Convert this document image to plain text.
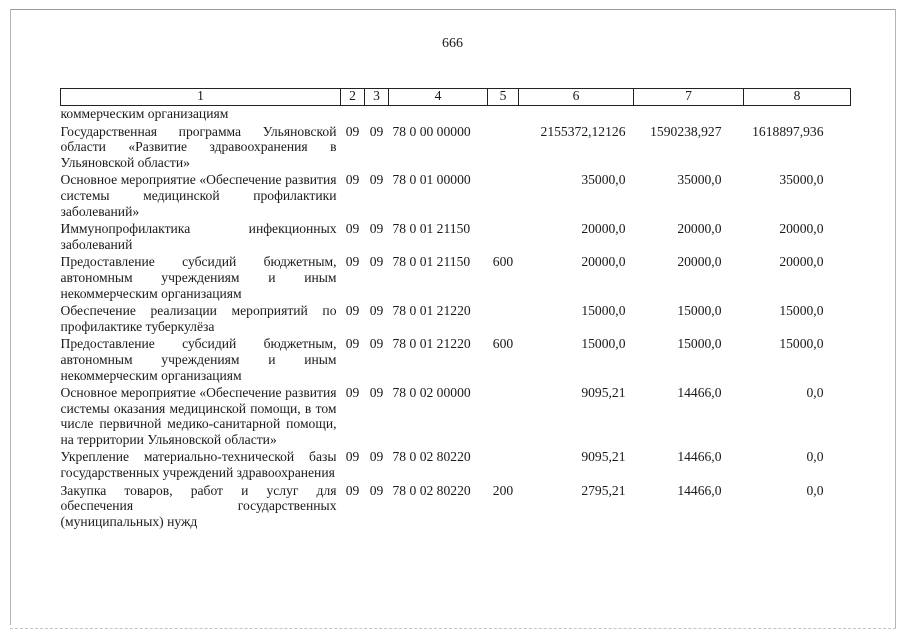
666
1	2	3	4	5	6	7	8
коммерческим организациям							
Государственная программа Ульяновской области «Развитие здравоохранения в Ульяновской области»	09	09	78 0 00 00000		2155372,12126	1590238,927	1618897,936
Основное мероприятие «Обеспечение развития системы медицинской профилактики заболеваний»	09	09	78 0 01 00000		35000,0	35000,0	35000,0
Иммунопрофилактика инфекционных заболеваний	09	09	78 0 01 21150		20000,0	20000,0	20000,0
Предоставление субсидий бюджетным, автономным учреждениям и иным некоммерческим организациям	09	09	78 0 01 21150	600	20000,0	20000,0	20000,0
Обеспечение реализации мероприятий по профилактике туберкулёза	09	09	78 0 01 21220		15000,0	15000,0	15000,0
Предоставление субсидий бюджетным, автономным учреждениям и иным некоммерческим организациям	09	09	78 0 01 21220	600	15000,0	15000,0	15000,0
Основное мероприятие «Обеспечение развития системы оказания медицинской помощи, в том числе первичной медико-санитарной помощи, на территории Ульяновской области»	09	09	78 0 02 00000		9095,21	14466,0	0,0
Укрепление материально-технической базы государственных учреждений здравоохранения	09	09	78 0 02 80220		9095,21	14466,0	0,0
Закупка товаров, работ и услуг для обеспечения государственных (муниципальных) нужд	09	09	78 0 02 80220	200	2795,21	14466,0	0,0
